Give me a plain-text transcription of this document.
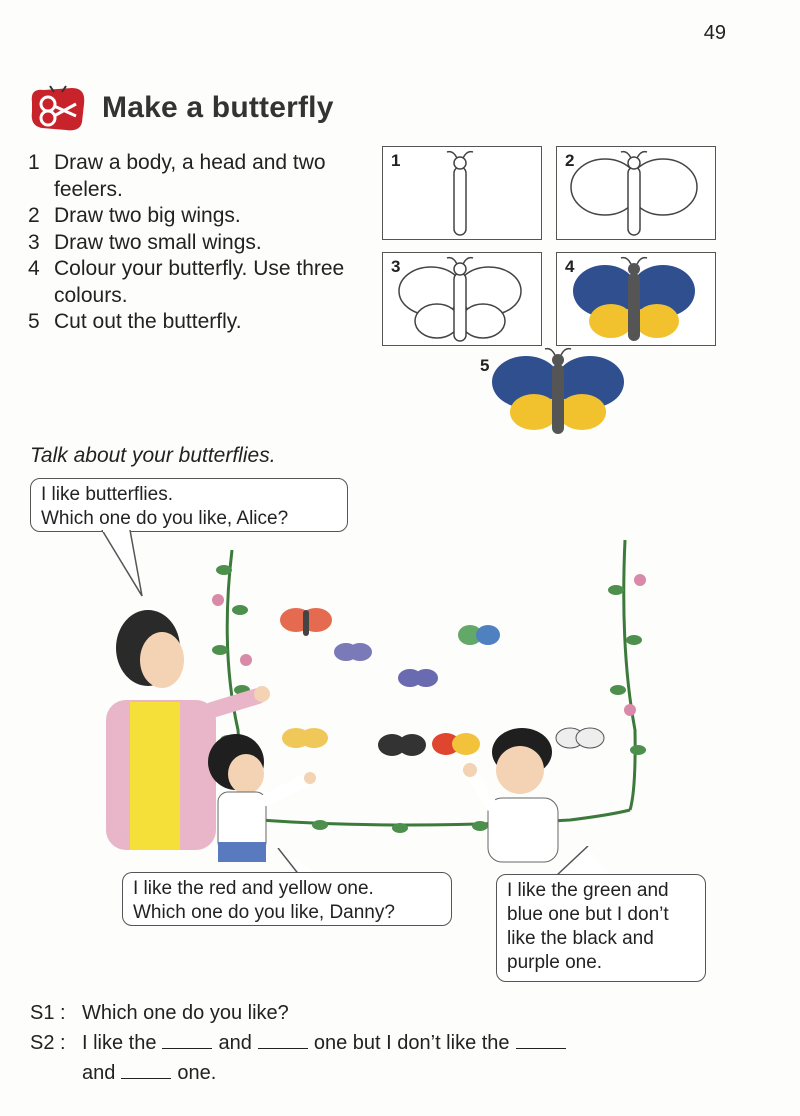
49
Make a butterfly
1 Draw a body, a head and two feelers.
2 Draw two big wings.
3 Draw two small wings.
4 Colour your butterfly. Use three colours.
5 Cut out the butterfly.
1	2
3	4
5
Talk about your butterflies.
I like butterflies.
Which one do you like, Alice?
I like the red and yellow one.
Which one do you like, Danny?
I like the green and
blue one but I don’t
like the black and
purple one.
S1 : Which one do you like?
S2 : I like the	and	one but I don’t like the
and	one.
